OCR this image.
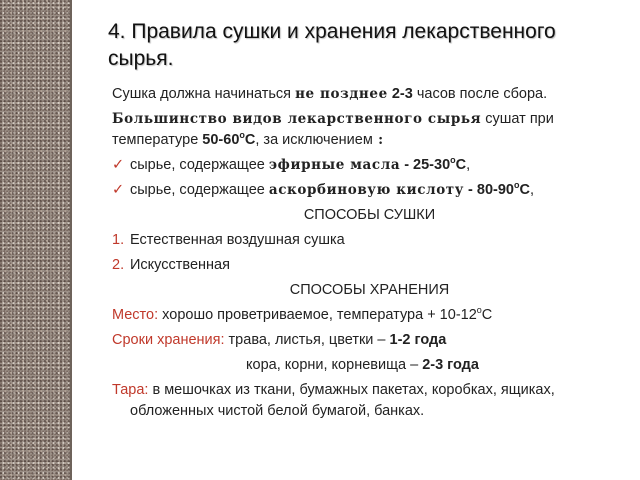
4. Правила сушки и хранения лекарственного сырья.
Сушка должна начинаться не позднее 2-3 часов после сбора.
Большинство видов лекарственного сырья сушат при
температуре $50-60^оС$, за исключением :
✓ сырье, содержащее эфирные масла - $25-30^оС$,
✓ сырье, содержащее аскорбиновую кислоту - $80-90^оС$,
СПОСОБЫ СУШКИ
1. Естественная воздушная сушка
2. Искусственная
СПОСОБЫ ХРАНЕНИЯ
Место: хорошо проветриваемое, температура + $10-12^оС$
Сроки хранения: трава, листья, цветки – 1-2 года
кора, корни, корневища – 2-3 года
Тара: в мешочках из ткани, бумажных пакетах, коробках, ящиках,
обложенных чистой белой бумагой, банках.
